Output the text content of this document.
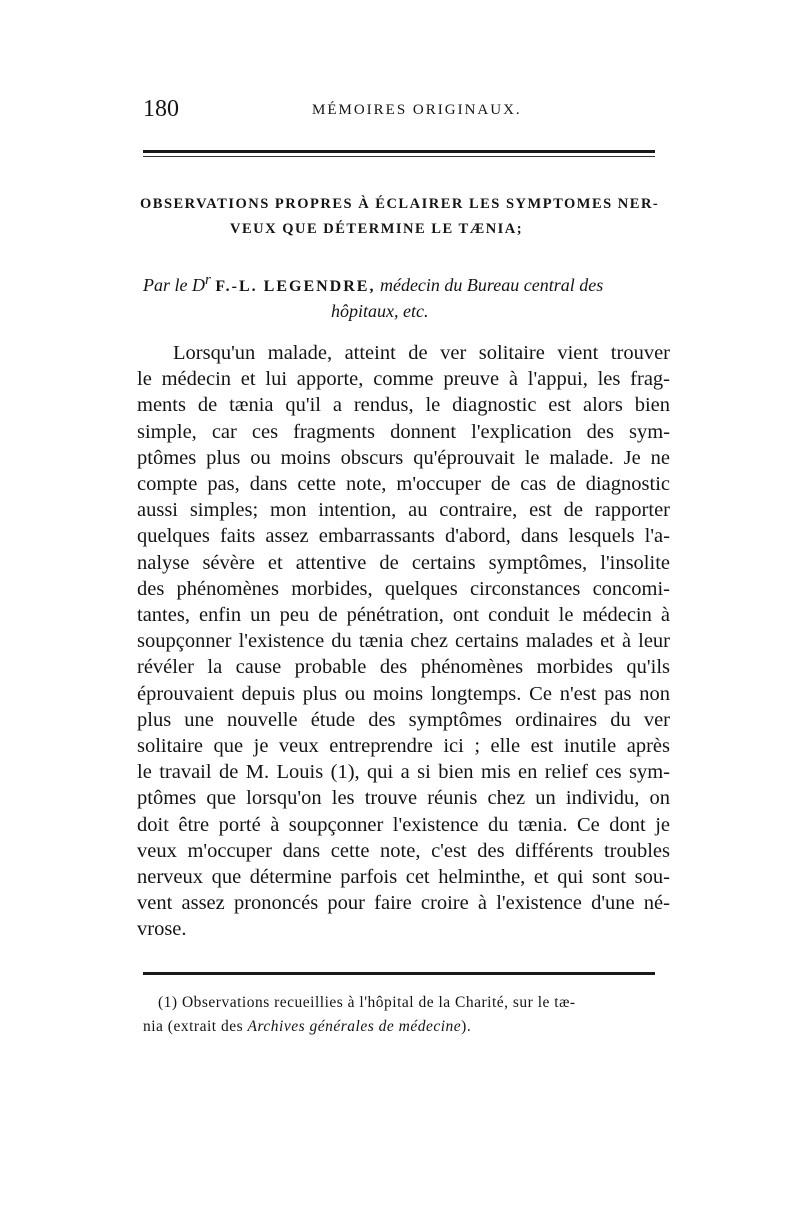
180	MÉMOIRES ORIGINAUX.
OBSERVATIONS PROPRES À ÉCLAIRER LES SYMPTOMES NER-
VEUX QUE DÉTERMINE LE TÆNIA;
Par le $D^r$ F.-L. LEGENDRE, médecin du Bureau central des
hôpitaux, etc.
Lorsqu'un malade, atteint de ver solitaire vient trouver
le médecin et lui apporte, comme preuve à l'appui, les frag-
ments de tænia qu'il a rendus, le diagnostic est alors bien
simple, car ces fragments donnent l'explication des sym-
ptômes plus ou moins obscurs qu'éprouvait le malade. Je ne
compte pas, dans cette note, m'occuper de cas de diagnostic
aussi simples; mon intention, au contraire, est de rapporter
quelques faits assez embarrassants d'abord, dans lesquels l'a-
nalyse sévère et attentive de certains symptômes, l'insolite
des phénomènes morbides, quelques circonstances concomi-
tantes, enfin un peu de pénétration, ont conduit le médecin à
soupçonner l'existence du tænia chez certains malades et à leur
révéler la cause probable des phénomènes morbides qu'ils
éprouvaient depuis plus ou moins longtemps. Ce n'est pas non
plus une nouvelle étude des symptômes ordinaires du ver
solitaire que je veux entreprendre ici ; elle est inutile après
le travail de M. Louis (1), qui a si bien mis en relief ces sym-
ptômes que lorsqu'on les trouve réunis chez un individu, on
doit être porté à soupçonner l'existence du tænia. Ce dont je
veux m'occuper dans cette note, c'est des différents troubles
nerveux que détermine parfois cet helminthe, et qui sont sou-
vent assez prononcés pour faire croire à l'existence d'une né-
vrose.
(1) Observations recueillies à l'hôpital de la Charité, sur le tæ-
nia (extrait des Archives générales de médecine).
